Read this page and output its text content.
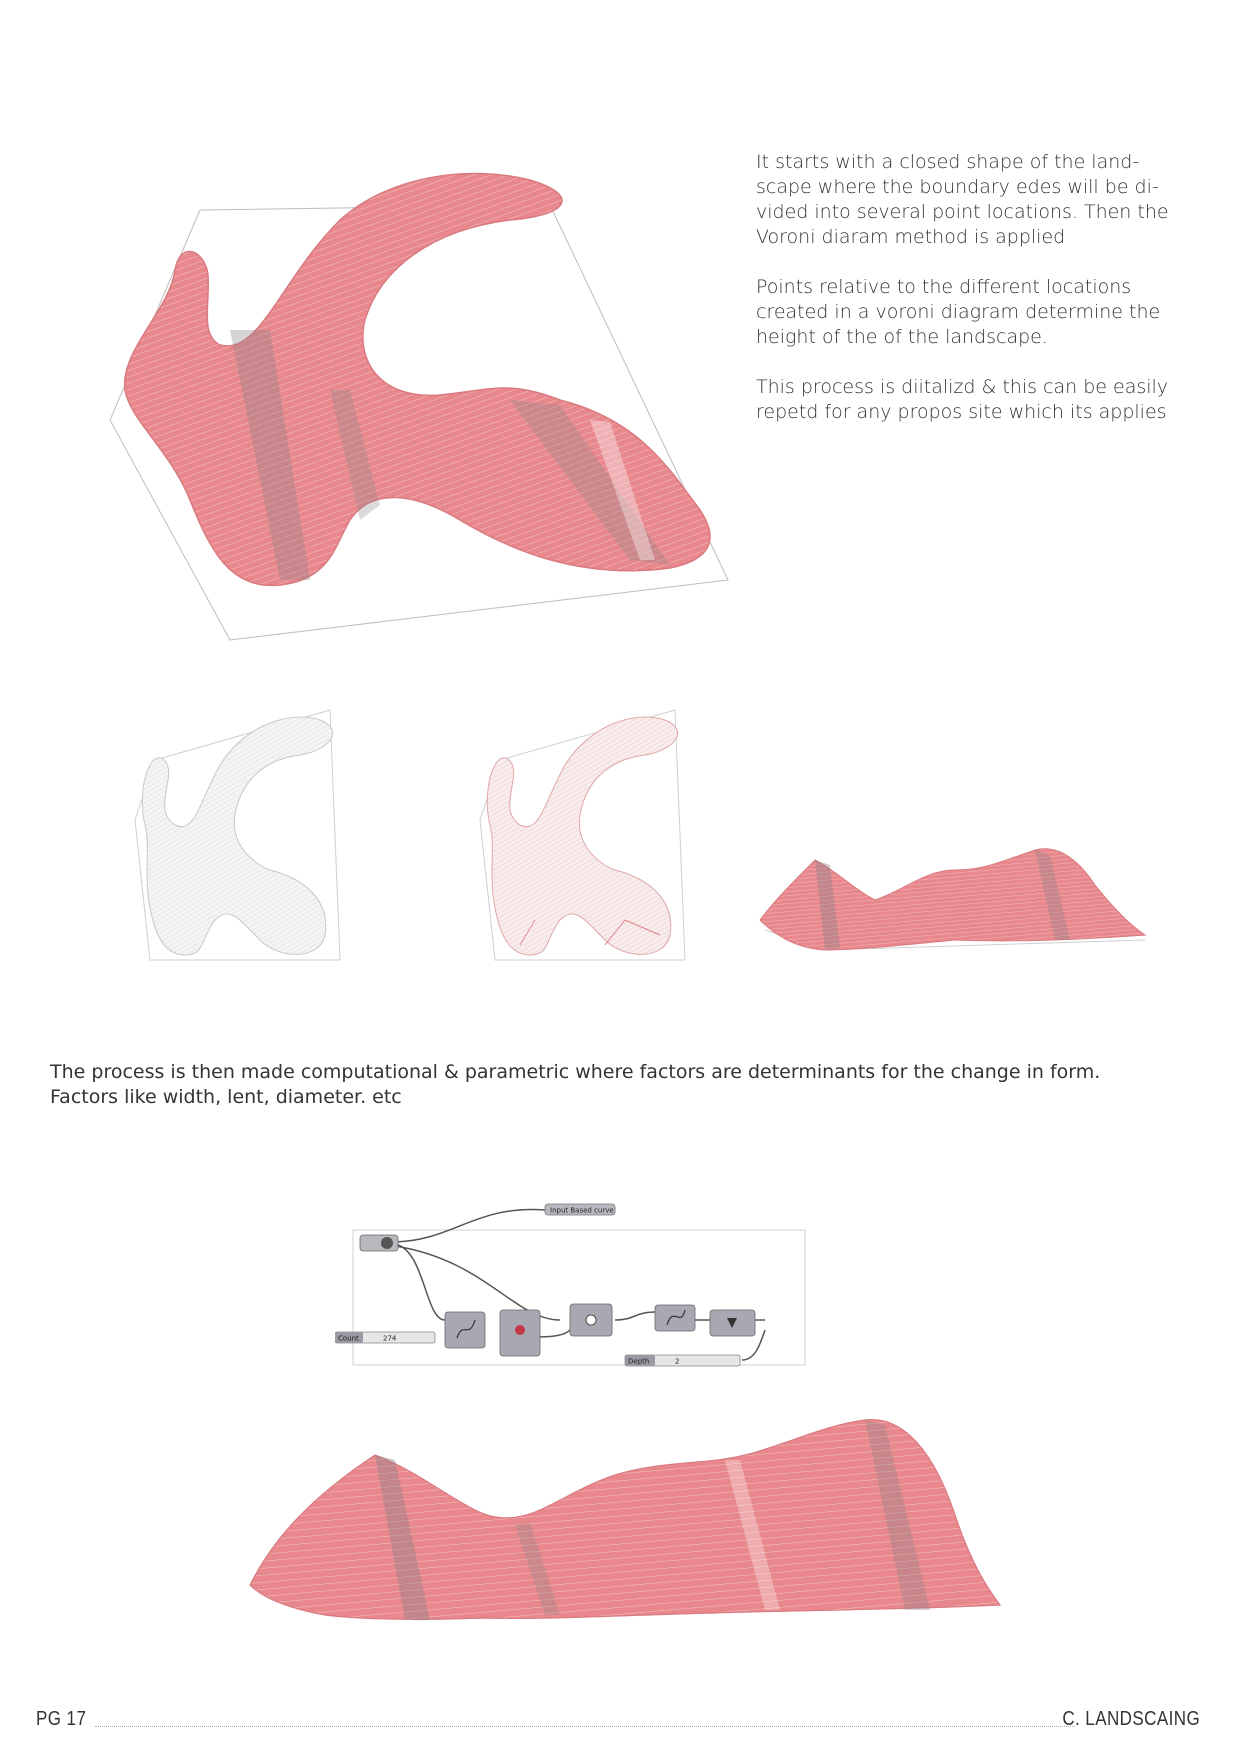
It starts with a closed shape of the land-
scape where the boundary edes will be di-
vided into several point locations. Then the
Voroni diaram method is applied

Points relative to the different locations
created in a voroni diagram determine the
height of the of the landscape.

This process is diitalizd & this can be easily
repetd for any propos site which its applies

The process is then made computational & parametric where factors are determinants for the change in form.
Factors like width, lent, diameter. etc
Input Based curve
Count	274
Depth	2
PG 17	C. LANDSCAING
